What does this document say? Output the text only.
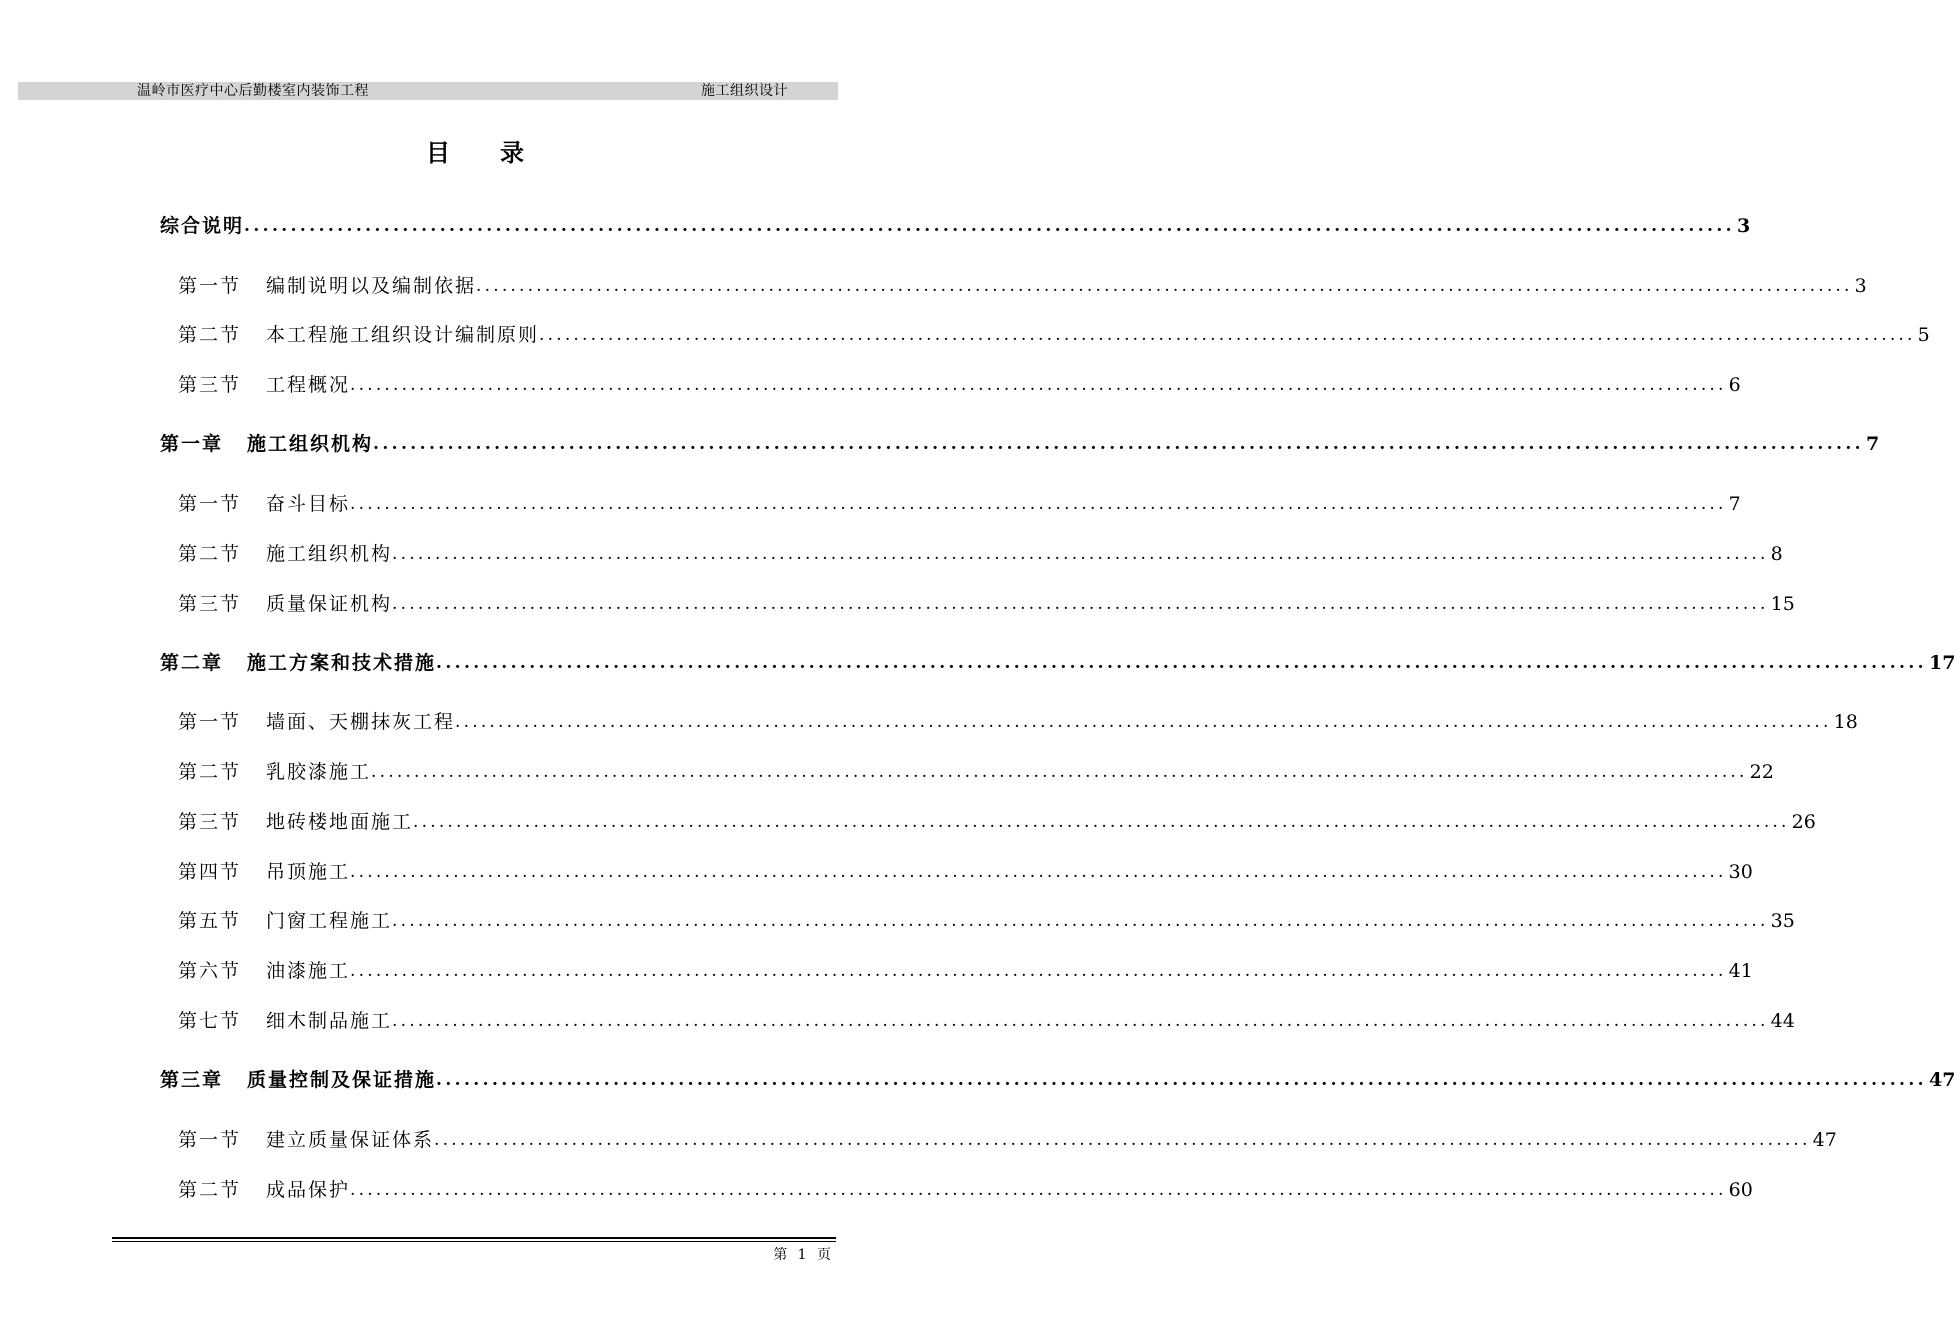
温岭市医疗中心后勤楼室内装饰工程	施工组织设计
目录
综合说明 ................................................................................................................................................................ 3
第一节 编制说明以及编制依据 ................................................................................................................................................................ 3
第二节 本工程施工组织设计编制原则 ................................................................................................................................................................ 5
第三节 工程概况 ................................................................................................................................................................ 6
第一章 施工组织机构 ................................................................................................................................................................ 7
第一节 奋斗目标 ................................................................................................................................................................ 7
第二节 施工组织机构 ................................................................................................................................................................ 8
第三节 质量保证机构 ................................................................................................................................................................ 15
第二章 施工方案和技术措施 ................................................................................................................................................................ 17
第一节 墙面、天棚抹灰工程 ................................................................................................................................................................ 18
第二节 乳胶漆施工 ................................................................................................................................................................ 22
第三节 地砖楼地面施工 ................................................................................................................................................................ 26
第四节 吊顶施工 ................................................................................................................................................................ 30
第五节 门窗工程施工 ................................................................................................................................................................ 35
第六节 油漆施工 ................................................................................................................................................................ 41
第七节 细木制品施工 ................................................................................................................................................................ 44
第三章 质量控制及保证措施 ................................................................................................................................................................ 47
第一节 建立质量保证体系 ................................................................................................................................................................ 47
第二节 成品保护 ................................................................................................................................................................ 60
第 1 页
